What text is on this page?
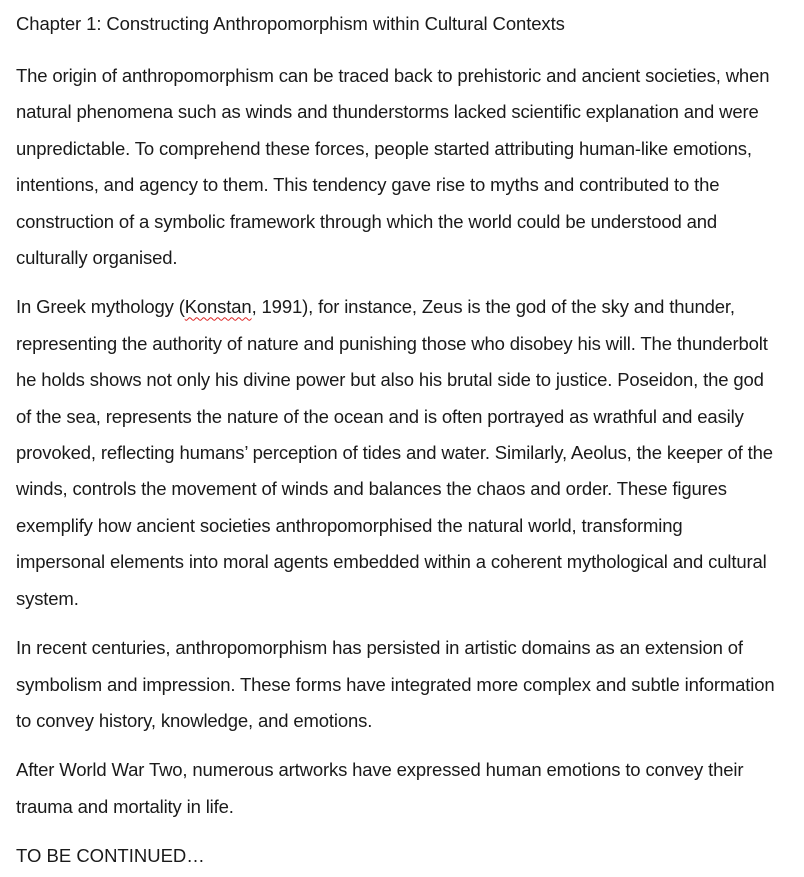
Chapter 1: Constructing Anthropomorphism within Cultural Contexts

The origin of anthropomorphism can be traced back to prehistoric and ancient societies, when natural phenomena such as winds and thunderstorms lacked scientific explanation and were unpredictable. To comprehend these forces, people started attributing human-like emotions, intentions, and agency to them. This tendency gave rise to myths and contributed to the construction of a symbolic framework through which the world could be understood and culturally organised.

In Greek mythology (Konstan, 1991), for instance, Zeus is the god of the sky and thunder, representing the authority of nature and punishing those who disobey his will. The thunderbolt he holds shows not only his divine power but also his brutal side to justice. Poseidon, the god of the sea, represents the nature of the ocean and is often portrayed as wrathful and easily provoked, reflecting humans’ perception of tides and water. Similarly, Aeolus, the keeper of the winds, controls the movement of winds and balances the chaos and order. These figures exemplify how ancient societies anthropomorphised the natural world, transforming impersonal elements into moral agents embedded within a coherent mythological and cultural system.

In recent centuries, anthropomorphism has persisted in artistic domains as an extension of symbolism and impression. These forms have integrated more complex and subtle information to convey history, knowledge, and emotions.

After World War Two, numerous artworks have expressed human emotions to convey their trauma and mortality in life.

TO BE CONTINUED…
